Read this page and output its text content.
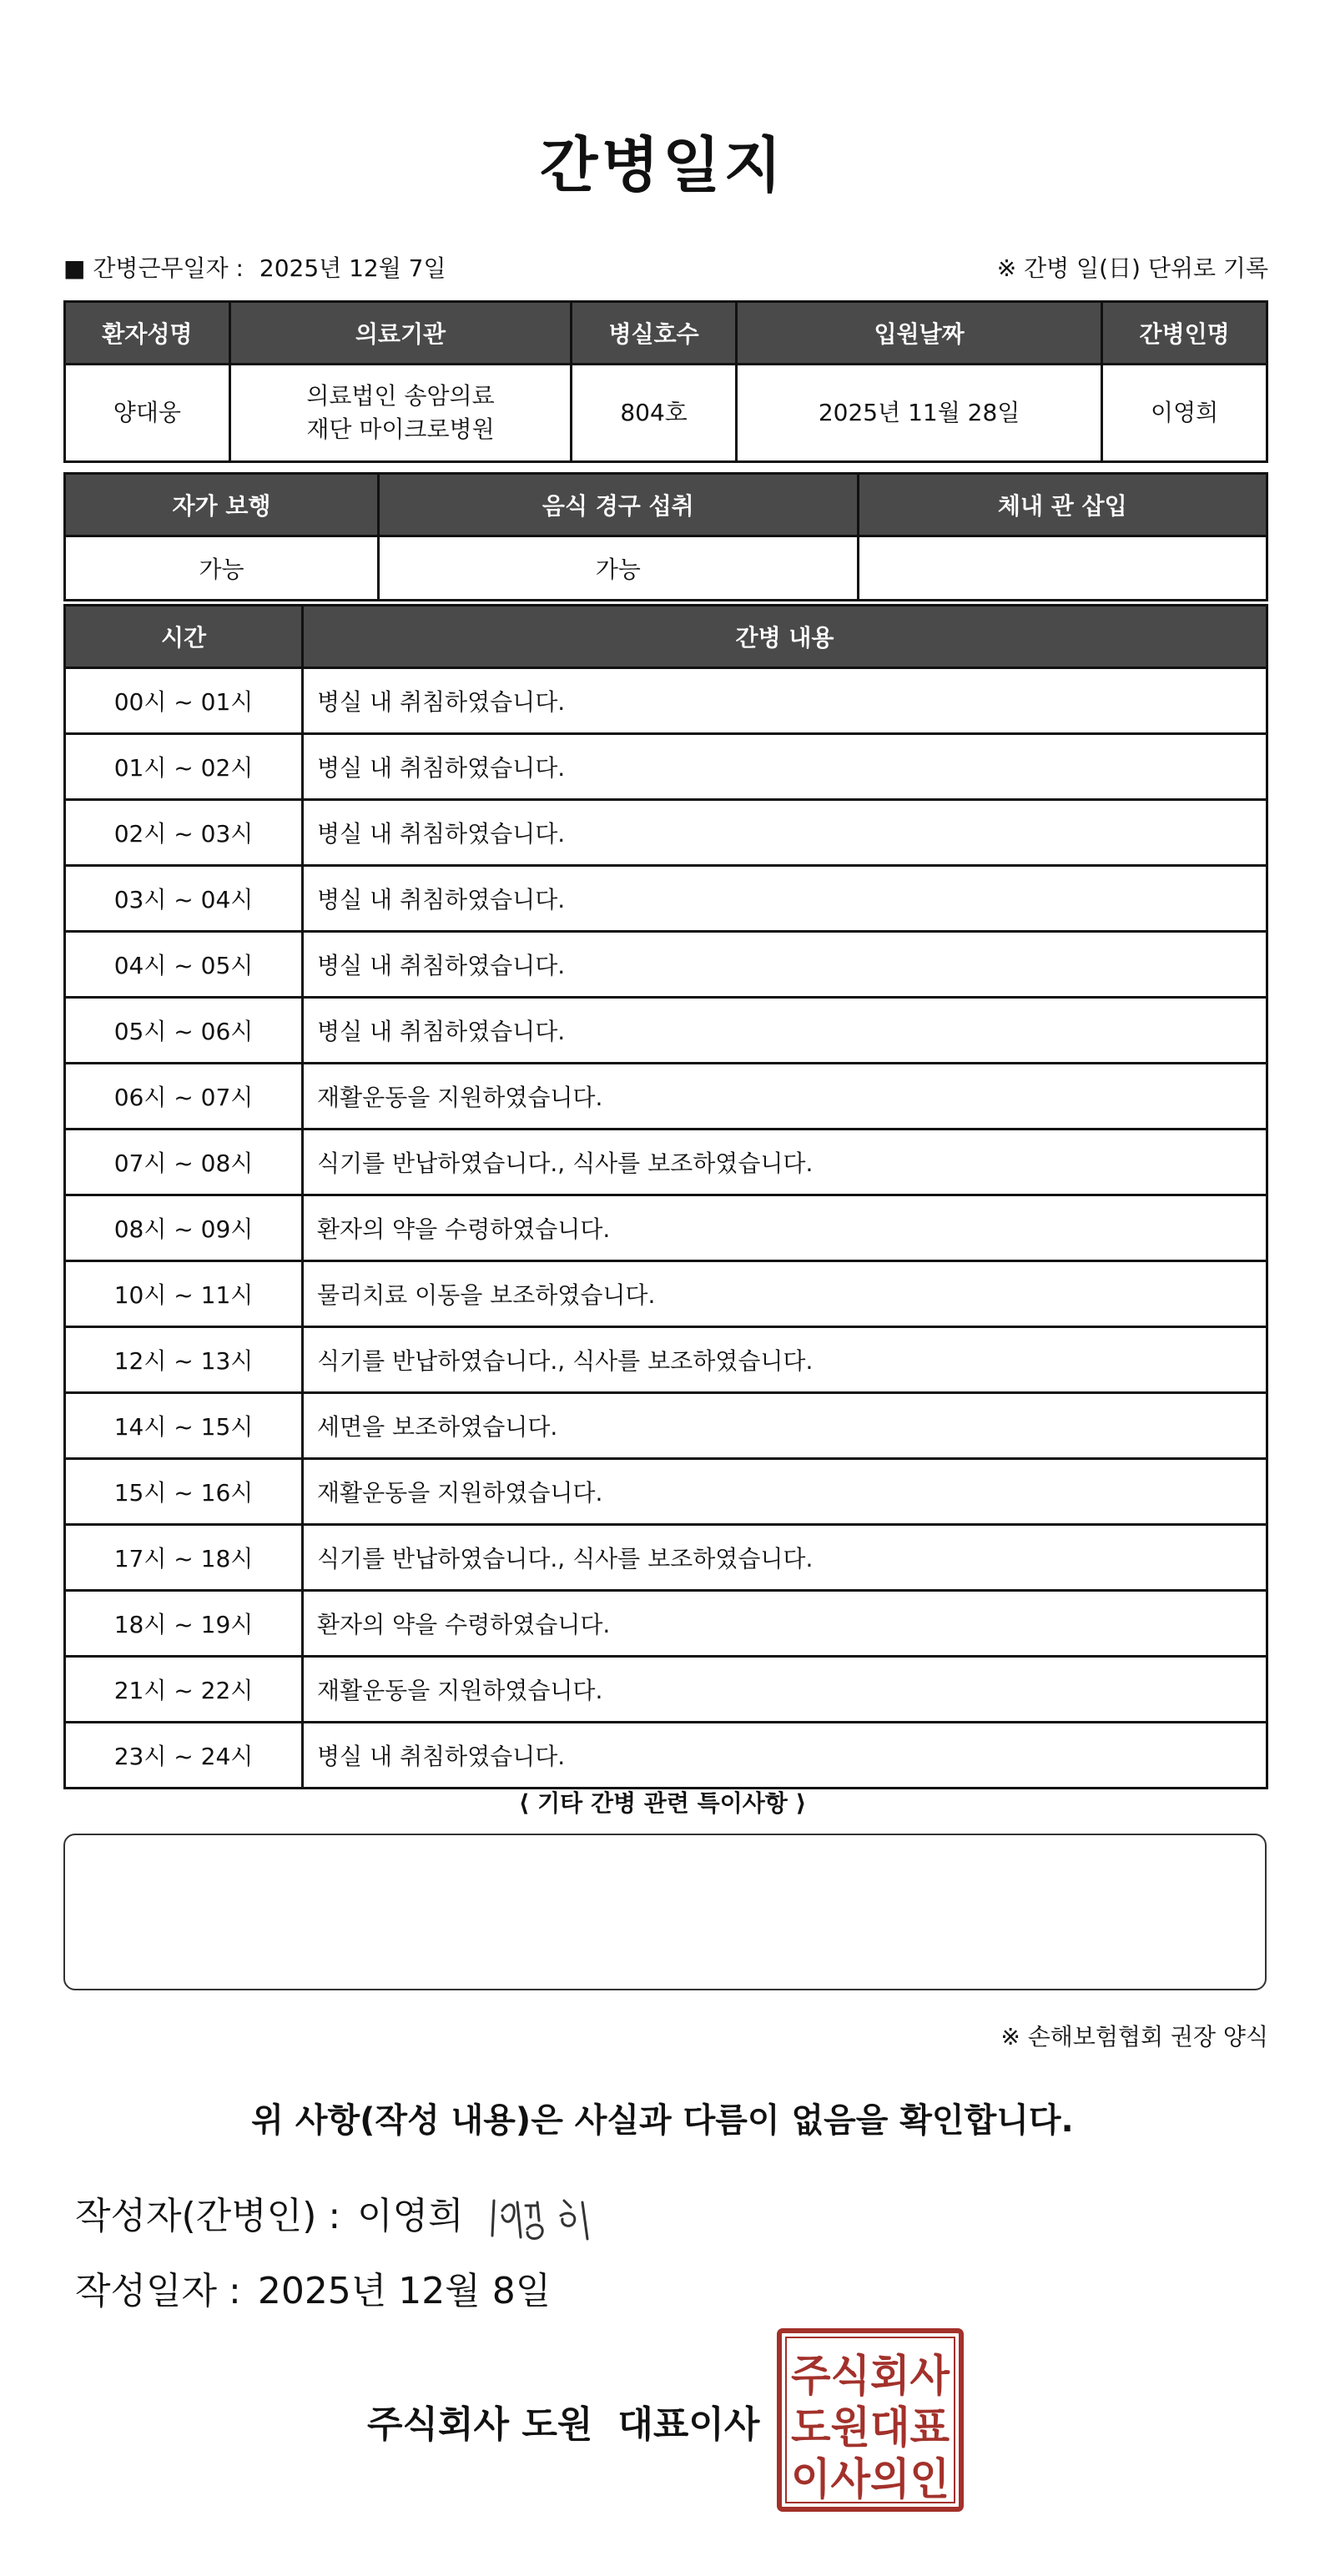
간병일지
■ 간병근무일자 : 2025년 12월 7일	※ 간병 일(日) 단위로 기록
환자성명	의료기관	병실호수	입원날짜	간병인명
양대웅	의료법인 송암의료
재단 마이크로병원	804호	2025년 11월 28일	이영희
자가 보행	음식 경구 섭취	체내 관 삽입
가능	가능	
시간	간병 내용
00시 ~ 01시	병실 내 취침하였습니다.
01시 ~ 02시	병실 내 취침하였습니다.
02시 ~ 03시	병실 내 취침하였습니다.
03시 ~ 04시	병실 내 취침하였습니다.
04시 ~ 05시	병실 내 취침하였습니다.
05시 ~ 06시	병실 내 취침하였습니다.
06시 ~ 07시	재활운동을 지원하였습니다.
07시 ~ 08시	식기를 반납하였습니다., 식사를 보조하였습니다.
08시 ~ 09시	환자의 약을 수령하였습니다.
10시 ~ 11시	물리치료 이동을 보조하였습니다.
12시 ~ 13시	식기를 반납하였습니다., 식사를 보조하였습니다.
14시 ~ 15시	세면을 보조하였습니다.
15시 ~ 16시	재활운동을 지원하였습니다.
17시 ~ 18시	식기를 반납하였습니다., 식사를 보조하였습니다.
18시 ~ 19시	환자의 약을 수령하였습니다.
21시 ~ 22시	재활운동을 지원하였습니다.
23시 ~ 24시	병실 내 취침하였습니다.
⟨ 기타 간병 관련 특이사항 ⟩
※ 손해보험협회 권장 양식
위 사항(작성 내용)은 사실과 다름이 없음을 확인합니다.
작성자(간병인) : 이영희
작성일자 : 2025년 12월 8일
주식회사 도원 대표이사
주식회사
도원대표
이사의인
